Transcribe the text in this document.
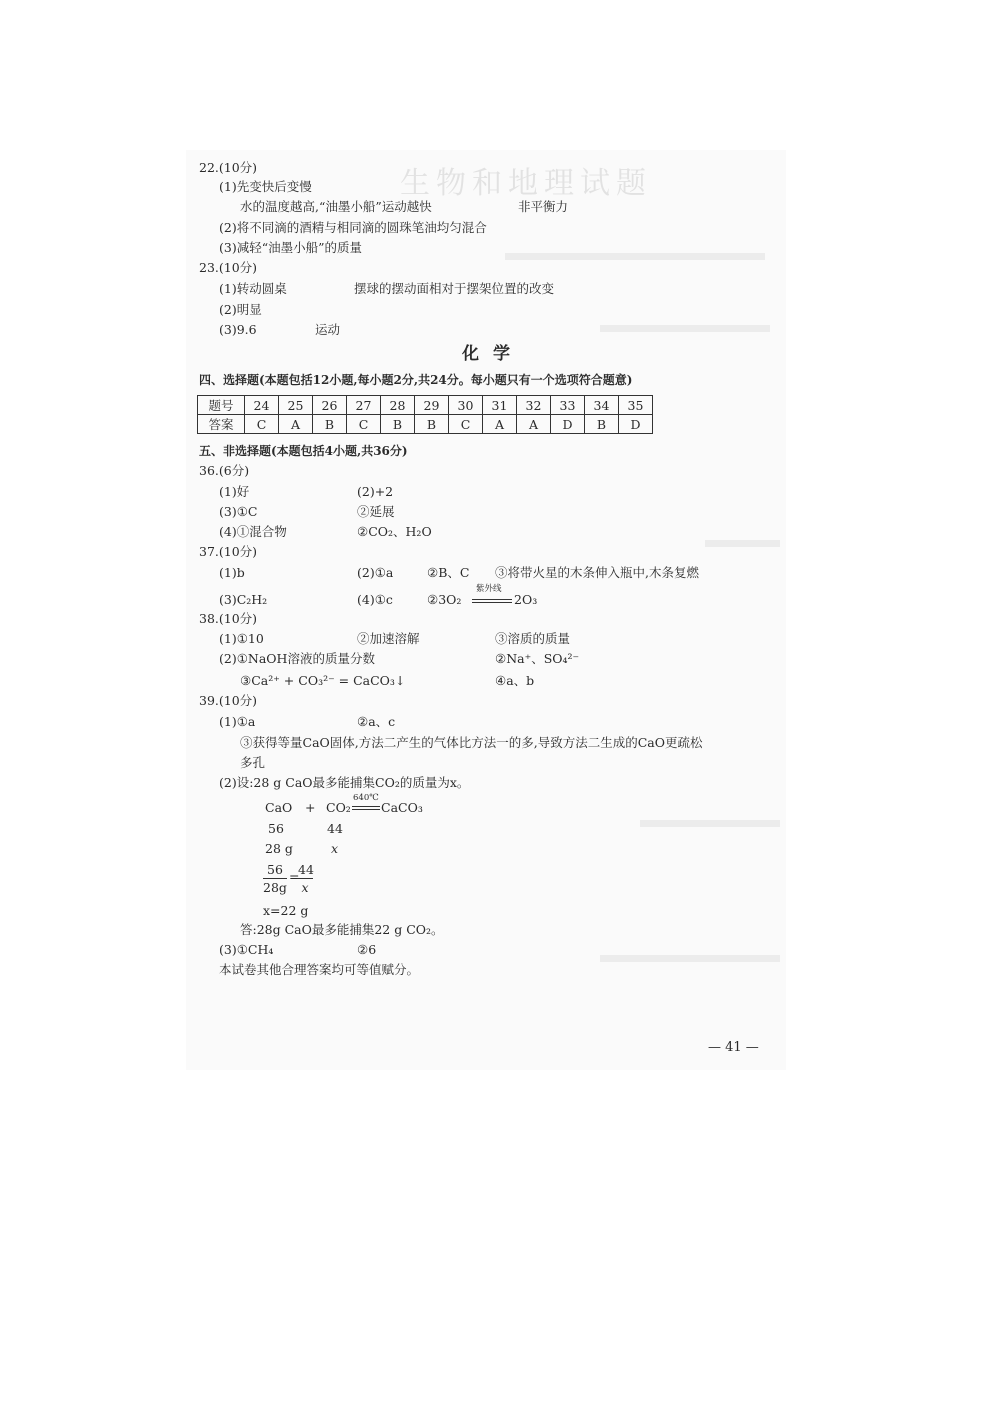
生物和地理试题
22.(10分)
(1)先变快后变慢
水的温度越高,“油墨小船”运动越快	非平衡力
(2)将不同滴的酒精与相同滴的圆珠笔油均匀混合
(3)减轻“油墨小船”的质量
23.(10分)
(1)转动圆桌	摆球的摆动面相对于摆架位置的改变
(2)明显
(3)9.6	运动
化学
四、选择题(本题包括12小题,每小题2分,共24分。每小题只有一个选项符合题意)
题号	24	25	26	27	28	29	30	31	32	33	34	35
答案	C	A	B	C	B	B	C	A	A	D	B	D
五、非选择题(本题包括4小题,共36分)
36.(6分)
(1)好	(2)+2
(3)①C	②延展
(4)①混合物	②CO₂、H₂O
37.(10分)
(1)b	(2)①a	②B、C ③将带火星的木条伸入瓶中,木条复燃
(3)C₂H₂	(4)①c	②3O₂
紫外线
2O₃
38.(10分)
(1)①10	②加速溶解	③溶质的质量
(2)①NaOH溶液的质量分数	②Na⁺、SO₄²⁻
③Ca²⁺ + CO₃²⁻ = CaCO₃↓	④a、b
39.(10分)
(1)①a	②a、c
③获得等量CaO固体,方法二产生的气体比方法一的多,导致方法二生成的CaO更疏松
多孔
(2)设:28 g CaO最多能捕集CO₂的质量为x。
CaO + CO₂
640℃
CaCO₃
56	44
28 g	x
$\frac{56}{28g}$ =
$\frac{44}{x}$
x=22 g
答:28g CaO最多能捕集22 g CO₂。
(3)①CH₄	②6
本试卷其他合理答案均可等值赋分。
— 41 —
